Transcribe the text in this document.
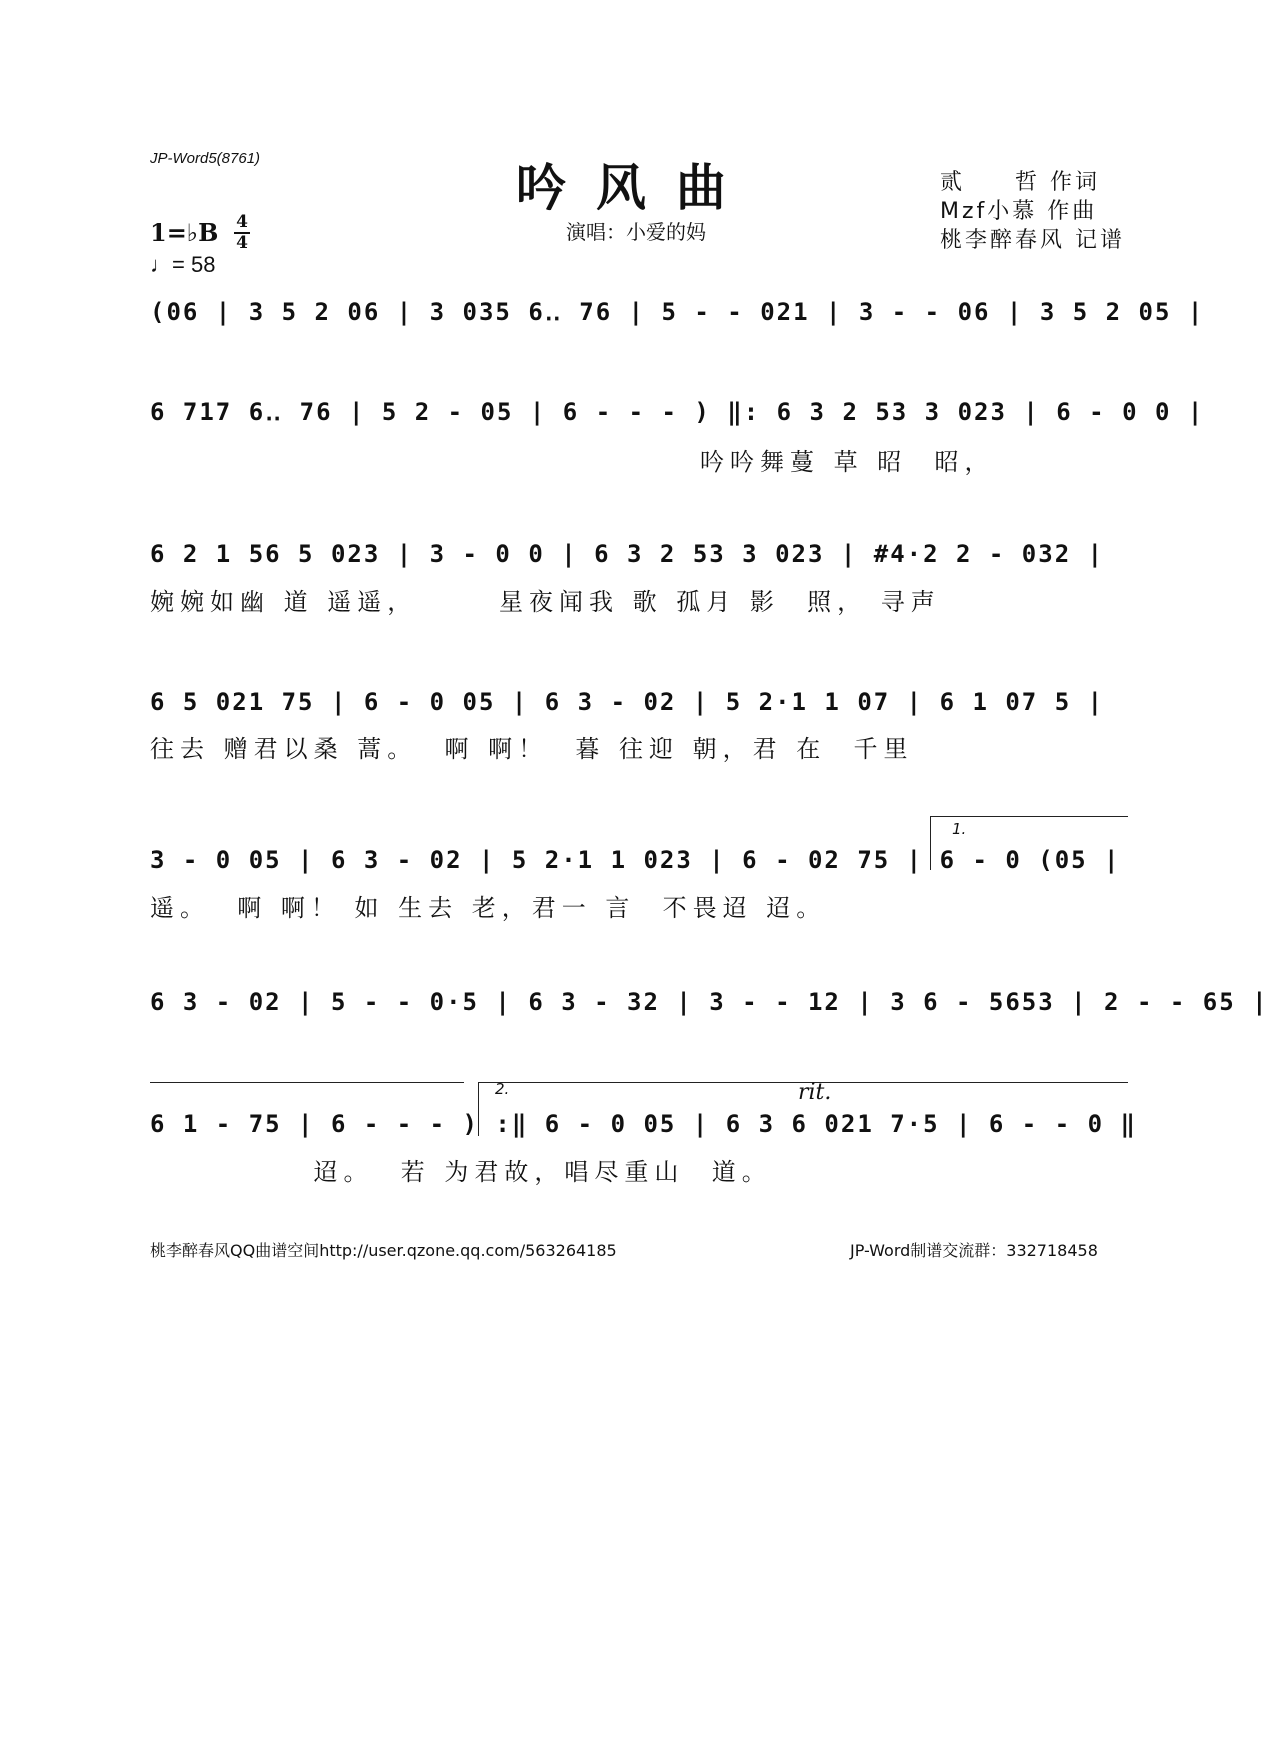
JP-Word5(8761)	吟风曲
演唱：小爱的妈
贰　　哲 作词
Mzf小慕 作曲
桃李醉春风 记谱
1=♭B 4
4
♩= 58
(06 | 3 5 2 06 | 3 035 6‥ 76 | 5 - - 021 | 3 - - 06 | 3 5 2 05 |
6 717 6‥ 76 | 5 2 - 05 | 6 - - - ) ‖: 6 3 2 53 3 023 | 6 - 0 0 |
吟吟舞蔓 草 昭  昭，
6 2 1 56 5 023 | 3 - 0 0 | 6 3 2 53 3 023 | #4·2 2 - 032 |
婉婉如幽 道 遥遥，      星夜闻我 歌 孤月 影  照， 寻声
6 5 021 75 | 6 - 0 05 | 6 3 - 02 | 5 2·1 1 07 | 6 1 07 5 |
往去 赠君以桑 蒿。  啊 啊！  暮 往迎 朝，君 在  千里
1.
3 - 0 05 | 6 3 - 02 | 5 2·1 1 023 | 6 - 02 75 | 6 - 0 (05 |
遥。  啊 啊！ 如 生去 老，君一 言  不畏迢 迢。
6 3 - 02 | 5 - - 0·5 | 6 3 - 32 | 3 - - 12 | 3 6 - 5653 | 2 - - 65 |
2.	rit.
6 1 - 75 | 6 - - - ) :‖ 6 - 0 05 | 6 3 6 021 7·5 | 6 - - 0 ‖
迢。  若 为君故，唱尽重山  道。
桃李醉春风QQ曲谱空间http://user.qzone.qq.com/563264185	JP-Word制谱交流群：332718458
